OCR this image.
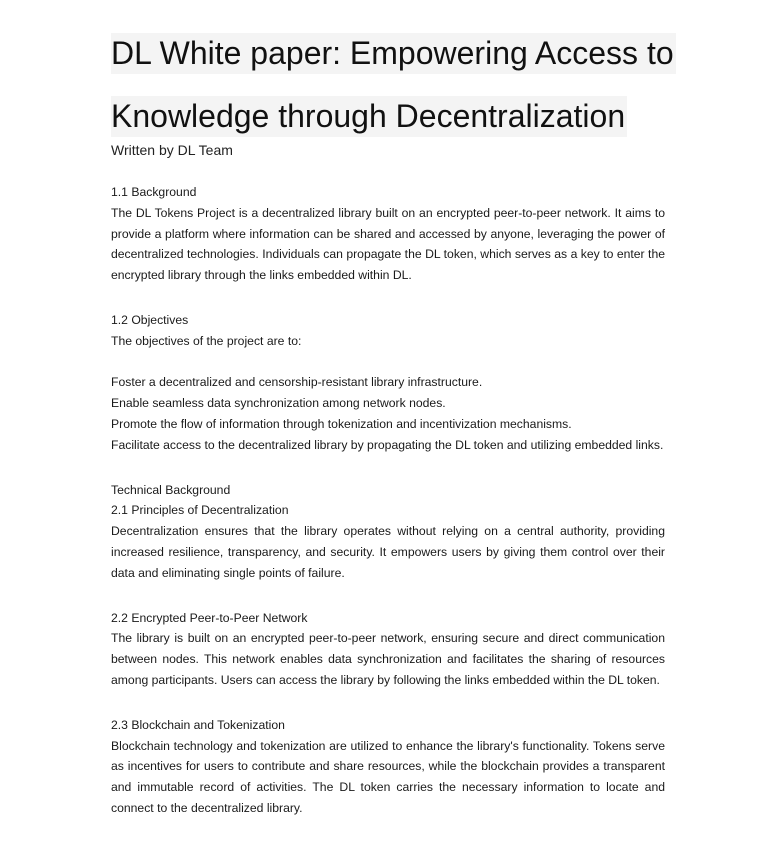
DL White paper: Empowering Access to
Knowledge through Decentralization
Written by DL Team
1.1 Background
The DL Tokens Project is a decentralized library built on an encrypted peer-to-peer network. It aims to provide a platform where information can be shared and accessed by anyone, leveraging the power of decentralized technologies. Individuals can propagate the DL token, which serves as a key to enter the encrypted library through the links embedded within DL.
1.2 Objectives
The objectives of the project are to:
Foster a decentralized and censorship-resistant library infrastructure.
Enable seamless data synchronization among network nodes.
Promote the flow of information through tokenization and incentivization mechanisms.
Facilitate access to the decentralized library by propagating the DL token and utilizing embedded links.
Technical Background
2.1 Principles of Decentralization
Decentralization ensures that the library operates without relying on a central authority, providing increased resilience, transparency, and security. It empowers users by giving them control over their data and eliminating single points of failure.
2.2 Encrypted Peer-to-Peer Network
The library is built on an encrypted peer-to-peer network, ensuring secure and direct communication between nodes. This network enables data synchronization and facilitates the sharing of resources among participants. Users can access the library by following the links embedded within the DL token.
2.3 Blockchain and Tokenization
Blockchain technology and tokenization are utilized to enhance the library's functionality. Tokens serve as incentives for users to contribute and share resources, while the blockchain provides a transparent and immutable record of activities. The DL token carries the necessary information to locate and connect to the decentralized library.
